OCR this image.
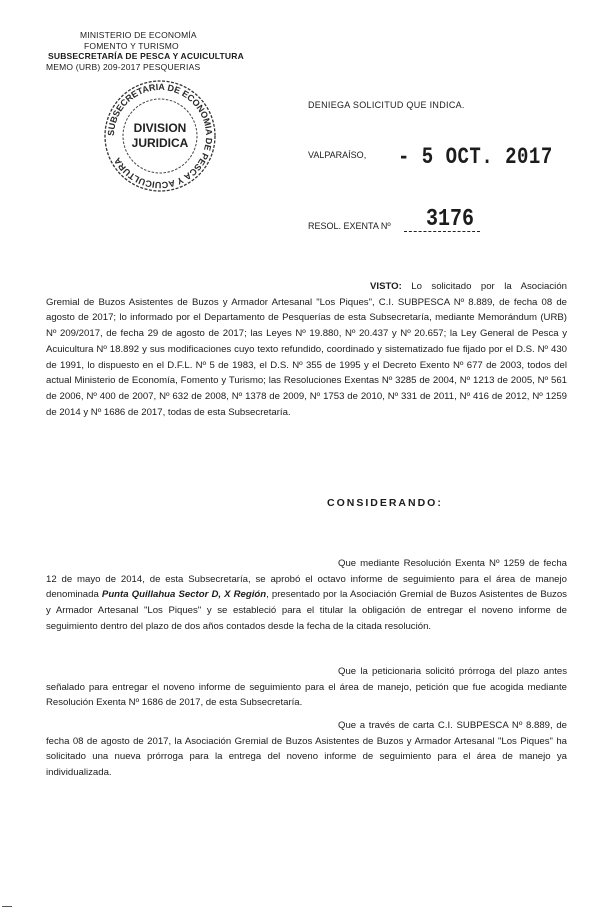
MINISTERIO DE ECONOMÍA
FOMENTO Y TURISMO
SUBSECRETARÍA DE PESCA Y ACUICULTURA
MEMO (URB) 209-2017 PESQUERIAS
SUBSECRETARIA DE ECONOMIA DE PESCA Y ACUICULTURA
DIVISION
JURIDICA
DENIEGA SOLICITUD QUE INDICA.
VALPARAÍSO, - 5 OCT. 2017
RESOL. EXENTA Nº 3176
VISTO: Lo solicitado por la Asociación Gremial de Buzos Asistentes de Buzos y Armador Artesanal "Los Piques", C.I. SUBPESCA Nº 8.889, de fecha 08 de agosto de 2017; lo informado por el Departamento de Pesquerías de esta Subsecretaría, mediante Memorándum (URB) Nº 209/2017, de fecha 29 de agosto de 2017; las Leyes Nº 19.880, Nº 20.437 y Nº 20.657; la Ley General de Pesca y Acuicultura Nº 18.892 y sus modificaciones cuyo texto refundido, coordinado y sistematizado fue fijado por el D.S. Nº 430 de 1991, lo dispuesto en el D.F.L. Nº 5 de 1983, el D.S. Nº 355 de 1995 y el Decreto Exento Nº 677 de 2003, todos del actual Ministerio de Economía, Fomento y Turismo; las Resoluciones Exentas Nº 3285 de 2004, Nº 1213 de 2005, Nº 561 de 2006, Nº 400 de 2007, Nº 632 de 2008, Nº 1378 de 2009, Nº 1753 de 2010, Nº 331 de 2011, Nº 416 de 2012, Nº 1259 de 2014 y Nº 1686 de 2017, todas de esta Subsecretaría.
CONSIDERANDO:
Que mediante Resolución Exenta Nº 1259 de fecha 12 de mayo de 2014, de esta Subsecretaría, se aprobó el octavo informe de seguimiento para el área de manejo denominada Punta Quillahua Sector D, X Región, presentado por la Asociación Gremial de Buzos Asistentes de Buzos y Armador Artesanal "Los Piques" y se estableció para el titular la obligación de entregar el noveno informe de seguimiento dentro del plazo de dos años contados desde la fecha de la citada resolución.
Que la peticionaria solicitó prórroga del plazo antes señalado para entregar el noveno informe de seguimiento para el área de manejo, petición que fue acogida mediante Resolución Exenta Nº 1686 de 2017, de esta Subsecretaría.
Que a través de carta C.I. SUBPESCA Nº 8.889, de fecha 08 de agosto de 2017, la Asociación Gremial de Buzos Asistentes de Buzos y Armador Artesanal "Los Piques" ha solicitado una nueva prórroga para la entrega del noveno informe de seguimiento para el área de manejo ya individualizada.
